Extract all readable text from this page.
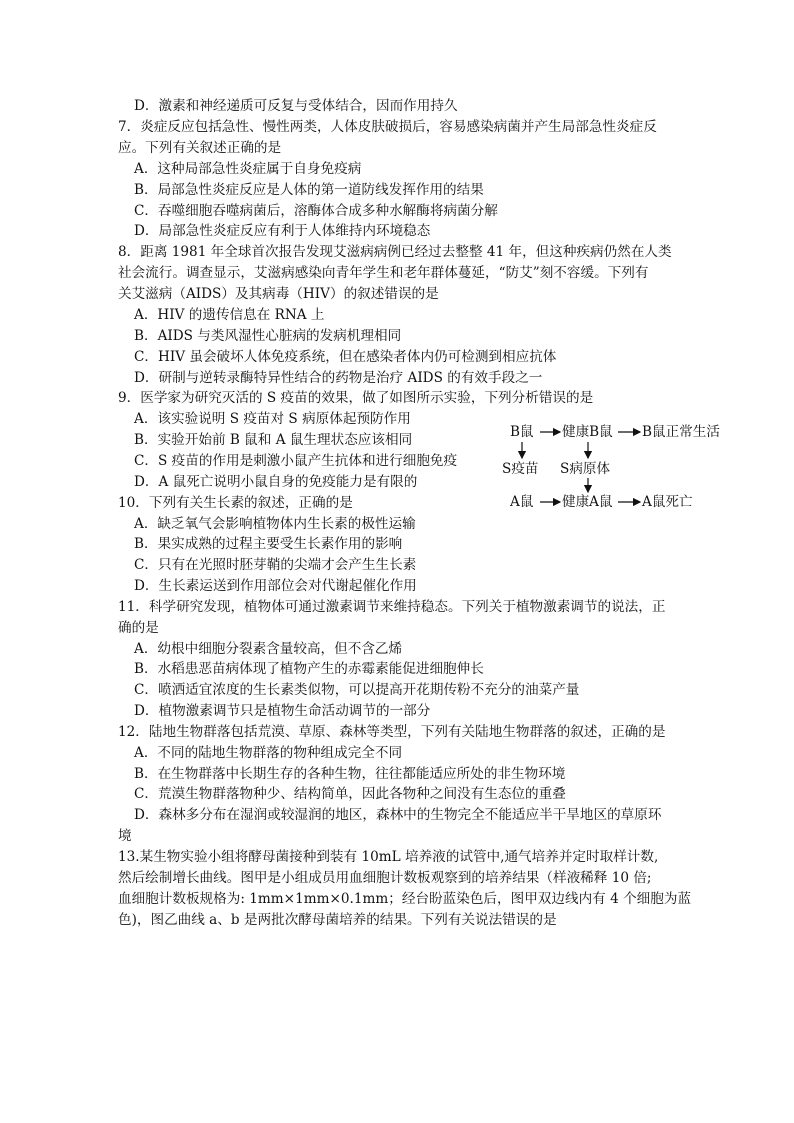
D．激素和神经递质可反复与受体结合，因而作用持久
7．炎症反应包括急性、慢性两类，人体皮肤破损后，容易感染病菌并产生局部急性炎症反
应。下列有关叙述正确的是
A．这种局部急性炎症属于自身免疫病
B．局部急性炎症反应是人体的第一道防线发挥作用的结果
C．吞噬细胞吞噬病菌后，溶酶体合成多种水解酶将病菌分解
D．局部急性炎症反应有利于人体维持内环境稳态
8．距离 1981 年全球首次报告发现艾滋病病例已经过去整整 41 年，但这种疾病仍然在人类
社会流行。调查显示，艾滋病感染向青年学生和老年群体蔓延，“防艾”刻不容缓。下列有
关艾滋病（AIDS）及其病毒（HIV）的叙述错误的是
A．HIV 的遗传信息在 RNA 上
B．AIDS 与类风湿性心脏病的发病机理相同
C．HIV 虽会破坏人体免疫系统，但在感染者体内仍可检测到相应抗体
D．研制与逆转录酶特异性结合的药物是治疗 AIDS 的有效手段之一
9．医学家为研究灭活的 S 疫苗的效果，做了如图所示实验，下列分析错误的是
A．该实验说明 S 疫苗对 S 病原体起预防作用
B．实验开始前 B 鼠和 A 鼠生理状态应该相同
C．S 疫苗的作用是刺激小鼠产生抗体和进行细胞免疫
D．A 鼠死亡说明小鼠自身的免疫能力是有限的
10．下列有关生长素的叙述，正确的是
A．缺乏氧气会影响植物体内生长素的极性运输
B．果实成熟的过程主要受生长素作用的影响
C．只有在光照时胚芽鞘的尖端才会产生生长素
D．生长素运送到作用部位会对代谢起催化作用
11．科学研究发现，植物体可通过激素调节来维持稳态。下列关于植物激素调节的说法，正
确的是
A．幼根中细胞分裂素含量较高，但不含乙烯
B．水稻患恶苗病体现了植物产生的赤霉素能促进细胞伸长
C．喷洒适宜浓度的生长素类似物，可以提高开花期传粉不充分的油菜产量
D．植物激素调节只是植物生命活动调节的一部分
12．陆地生物群落包括荒漠、草原、森林等类型，下列有关陆地生物群落的叙述，正确的是
A．不同的陆地生物群落的物种组成完全不同
B．在生物群落中长期生存的各种生物，往往都能适应所处的非生物环境
C．荒漠生物群落物种少、结构简单，因此各物种之间没有生态位的重叠
D．森林多分布在湿润或较湿润的地区，森林中的生物完全不能适应半干旱地区的草原环
境
13.某生物实验小组将酵母菌接种到装有 10mL 培养液的试管中,通气培养并定时取样计数,
然后绘制增长曲线。图甲是小组成员用血细胞计数板观察到的培养结果（样液稀释 10 倍;
血细胞计数板规格为: 1mm×1mm×0.1mm；经台盼蓝染色后，图甲双边线内有 4 个细胞为蓝
色)，图乙曲线 a、b 是两批次酵母菌培养的结果。下列有关说法错误的是
B鼠 健康B鼠 B鼠正常生活
S疫苗 S病原体
A鼠 健康A鼠 A鼠死亡
